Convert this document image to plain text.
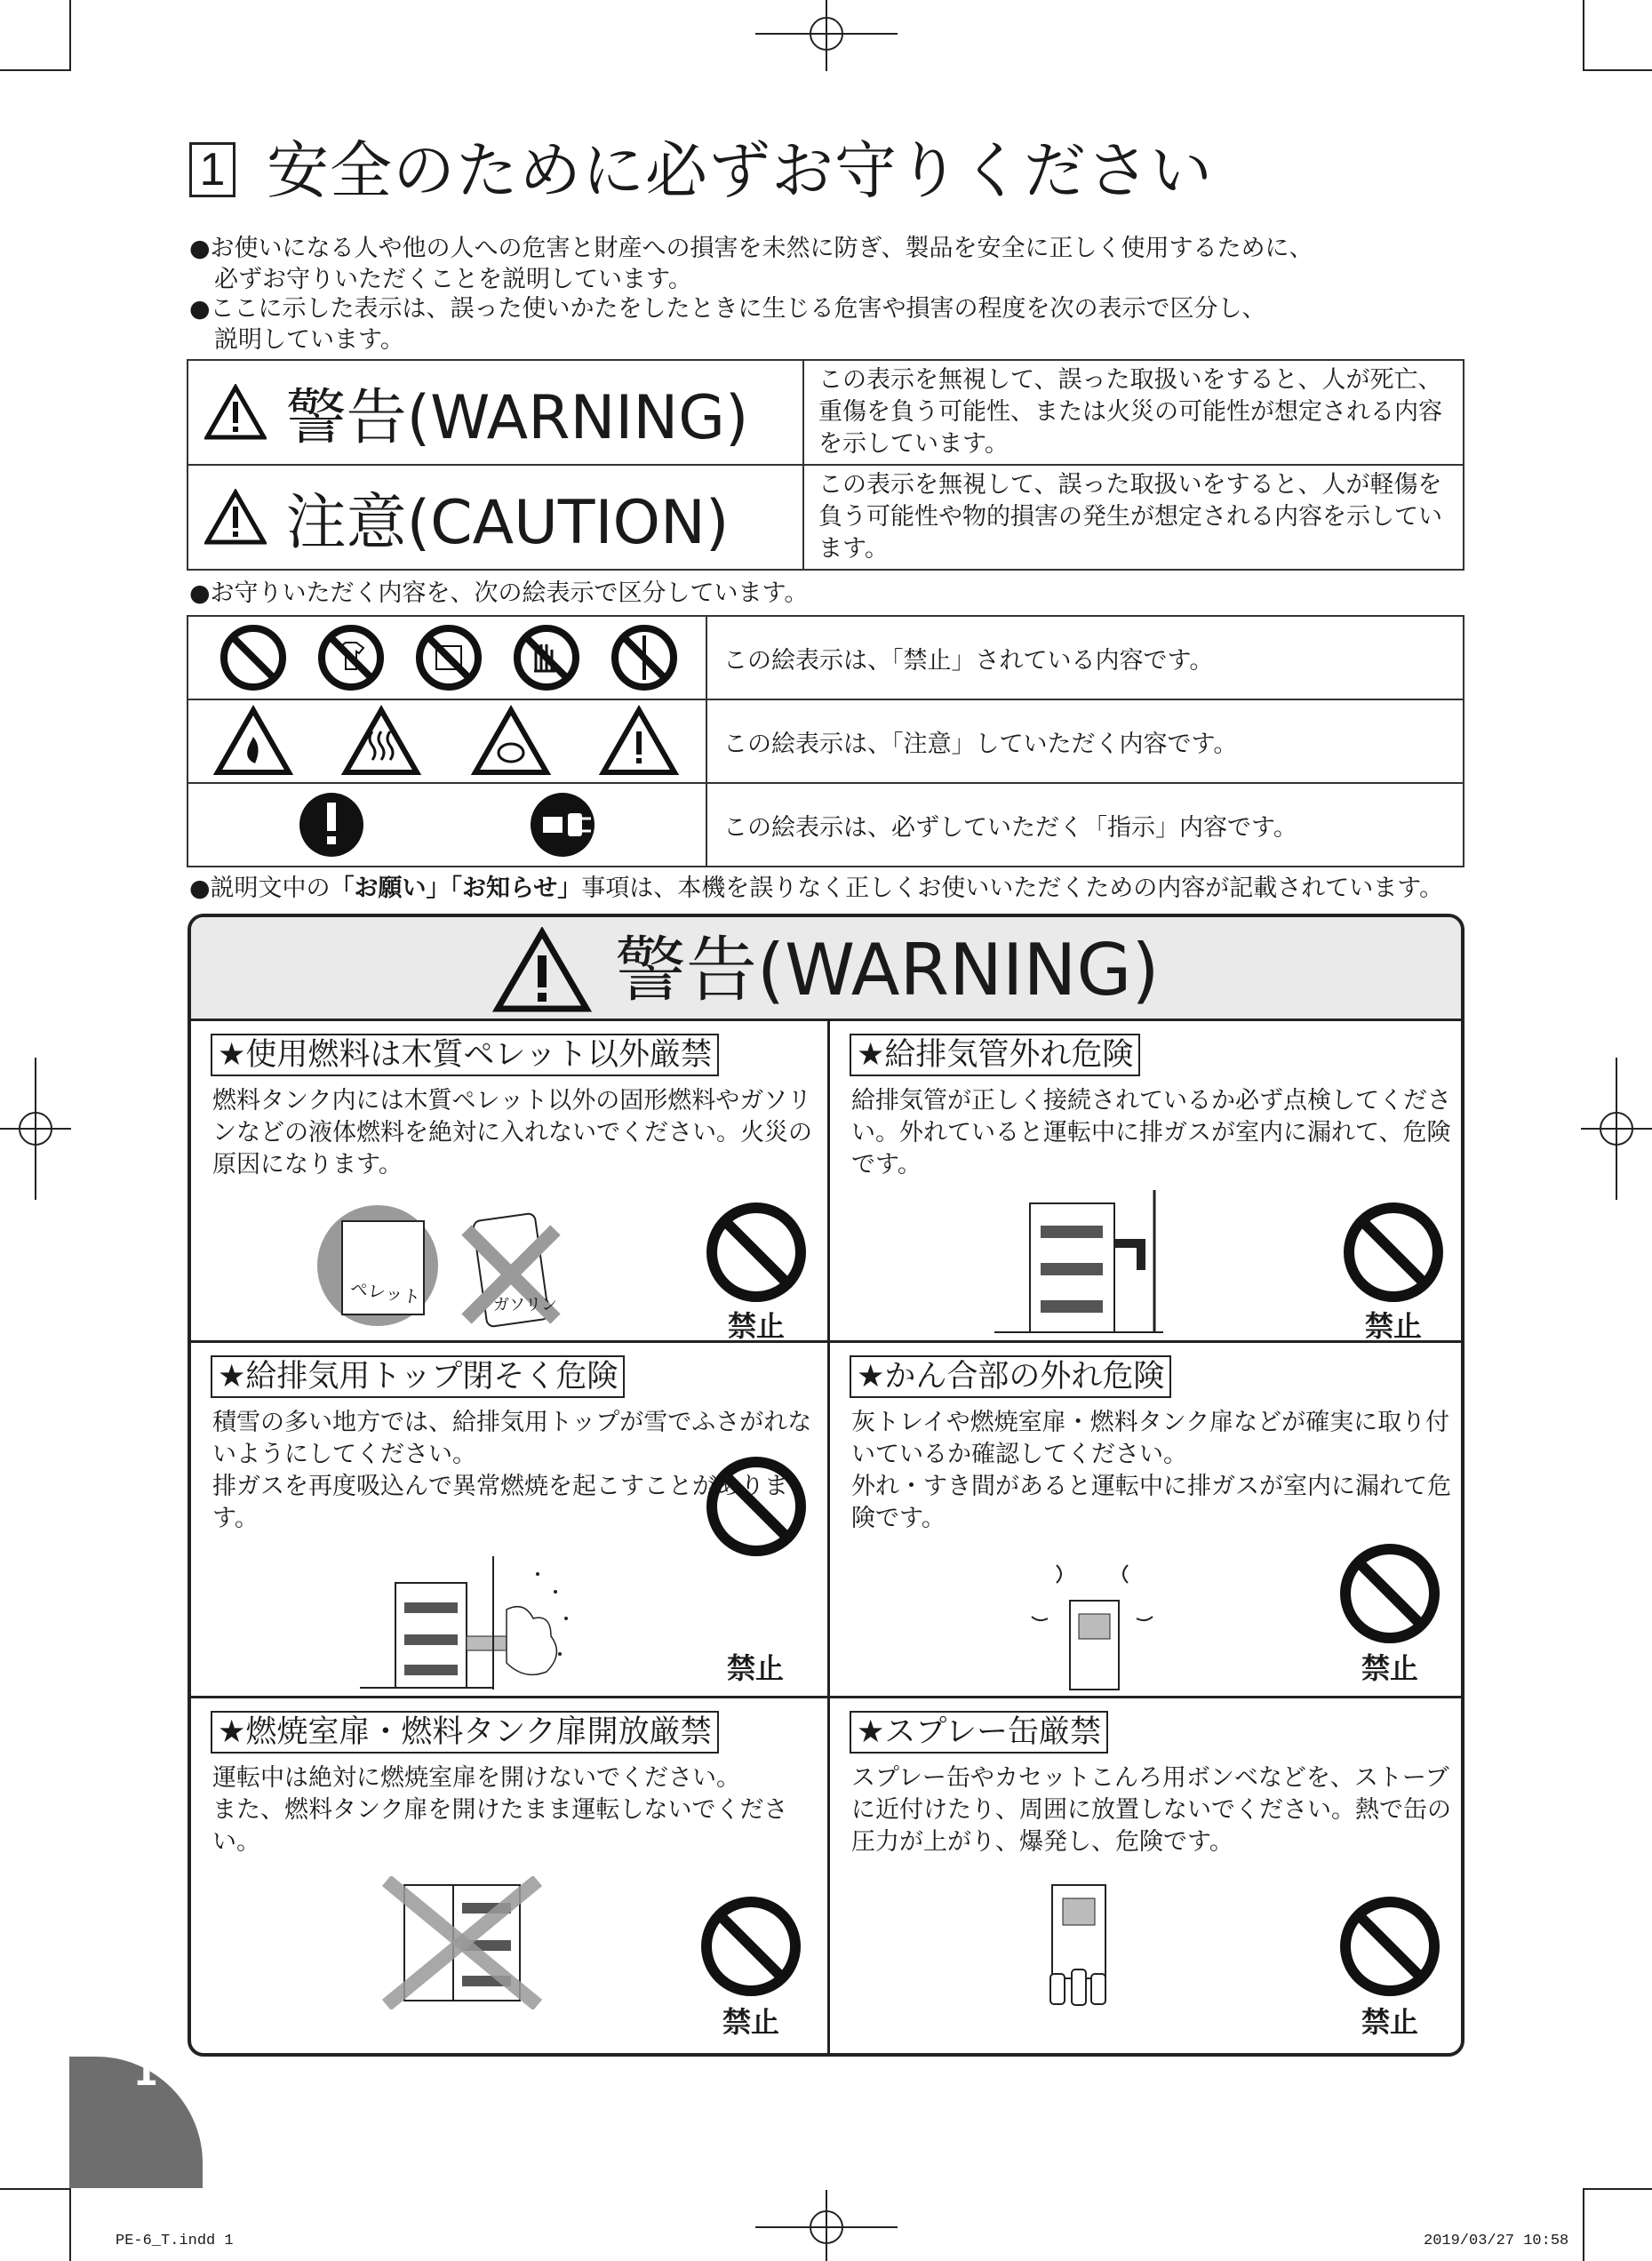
1 安全のために必ずお守りください
●お使いになる人や他の人への危害と財産への損害を未然に防ぎ、製品を安全に正しく使用するために、
必ずお守りいただくことを説明しています。
●ここに示した表示は、誤った使いかたをしたときに生じる危害や損害の程度を次の表示で区分し、
説明しています。
警告(WARNING)	この表示を無視して、誤った取扱いをすると、人が死亡、重傷を負う可能性、または火災の可能性が想定される内容を示しています。
注意(CAUTION)	この表示を無視して、誤った取扱いをすると、人が軽傷を負う可能性や物的損害の発生が想定される内容を示しています。
●お守りいただく内容を、次の絵表示で区分しています。
	この絵表示は、「禁止」されている内容です。

	この絵表示は、「注意」していただく内容です。

	この絵表示は、必ずしていただく「指示」内容です。
●説明文中の「お願い」「お知らせ」事項は、本機を誤りなく正しくお使いいただくための内容が記載されています。
警告(WARNING)
★使用燃料は木質ペレット以外厳禁
燃料タンク内には木質ペレット以外の固形燃料やガソリンなどの液体燃料を絶対に入れないでください。火災の原因になります。
ペレット	ガソリン
禁止
★給排気管外れ危険
給排気管が正しく接続されているか必ず点検してください。外れていると運転中に排ガスが室内に漏れて、危険です。
禁止
★給排気用トップ閉そく危険
積雪の多い地方では、給排気用トップが雪でふさがれないようにしてください。
排ガスを再度吸込んで異常燃焼を起こすことがあります。
★かん合部の外れ危険
灰トレイや燃焼室扉・燃料タンク扉などが確実に取り付いているか確認してください。
外れ・すき間があると運転中に排ガスが室内に漏れて危険です。
★燃焼室扉・燃料タンク扉開放厳禁
運転中は絶対に燃焼室扉を開けないでください。
また、燃料タンク扉を開けたまま運転しないでください。
★スプレー缶厳禁
スプレー缶やカセットこんろ用ボンベなどを、ストーブに近付けたり、周囲に放置しないでください。熱で缶の圧力が上がり、爆発し、危険です。
禁止
禁止
禁止	禁止
1
PE-6_T.indd 1	2019/03/27 10:58
